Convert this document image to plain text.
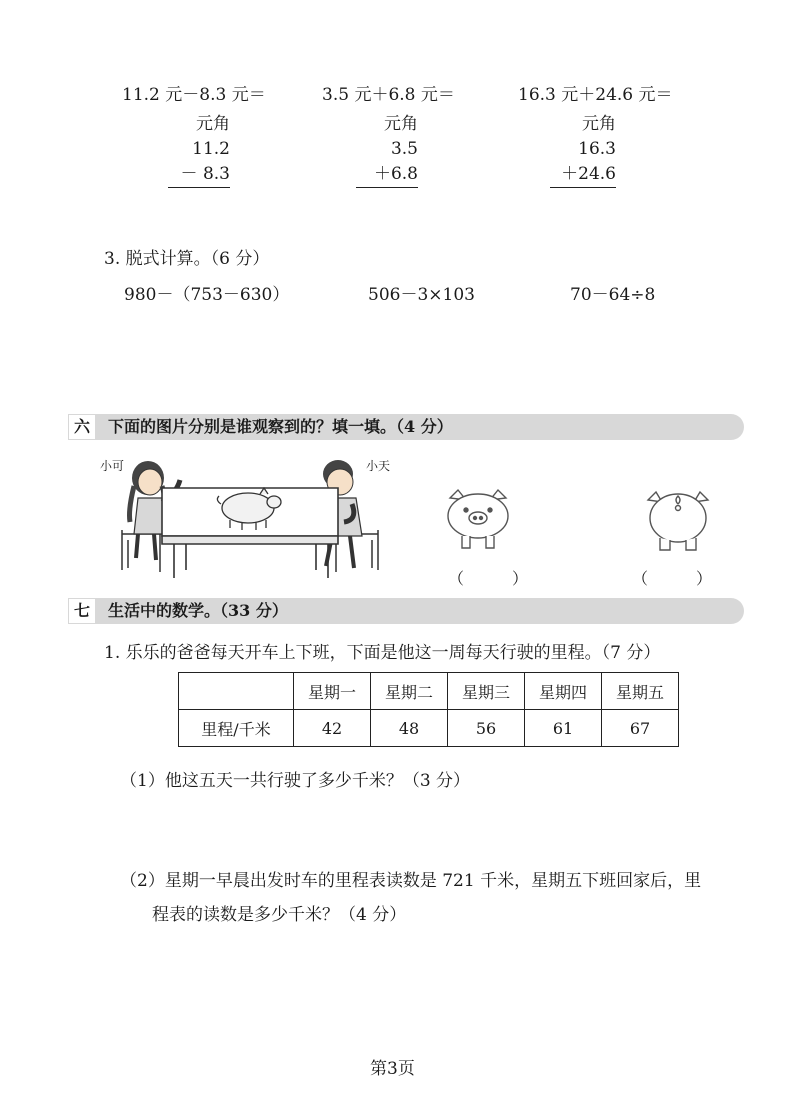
11.2 元－8.3 元＝
元角
11.2
－ 8.3
3.5 元＋6.8 元＝
元角
3.5
＋6.8
16.3 元＋24.6 元＝
元角
16.3
＋24.6
3. 脱式计算。（6 分）
980－（753－630）	506－3×103	70－64÷8
六	下面的图片分别是谁观察到的？填一填。（4 分）
小可	小天
（　　　）	（　　　）
七	生活中的数学。（33 分）
1. 乐乐的爸爸每天开车上下班，下面是他这一周每天行驶的里程。（7 分）
	星期一	星期二	星期三	星期四	星期五
里程/千米	42	48	56	61	67
（1）他这五天一共行驶了多少千米？（3 分）
（2）星期一早晨出发时车的里程表读数是 721 千米，星期五下班回家后，里
程表的读数是多少千米？（4 分）
第3页
